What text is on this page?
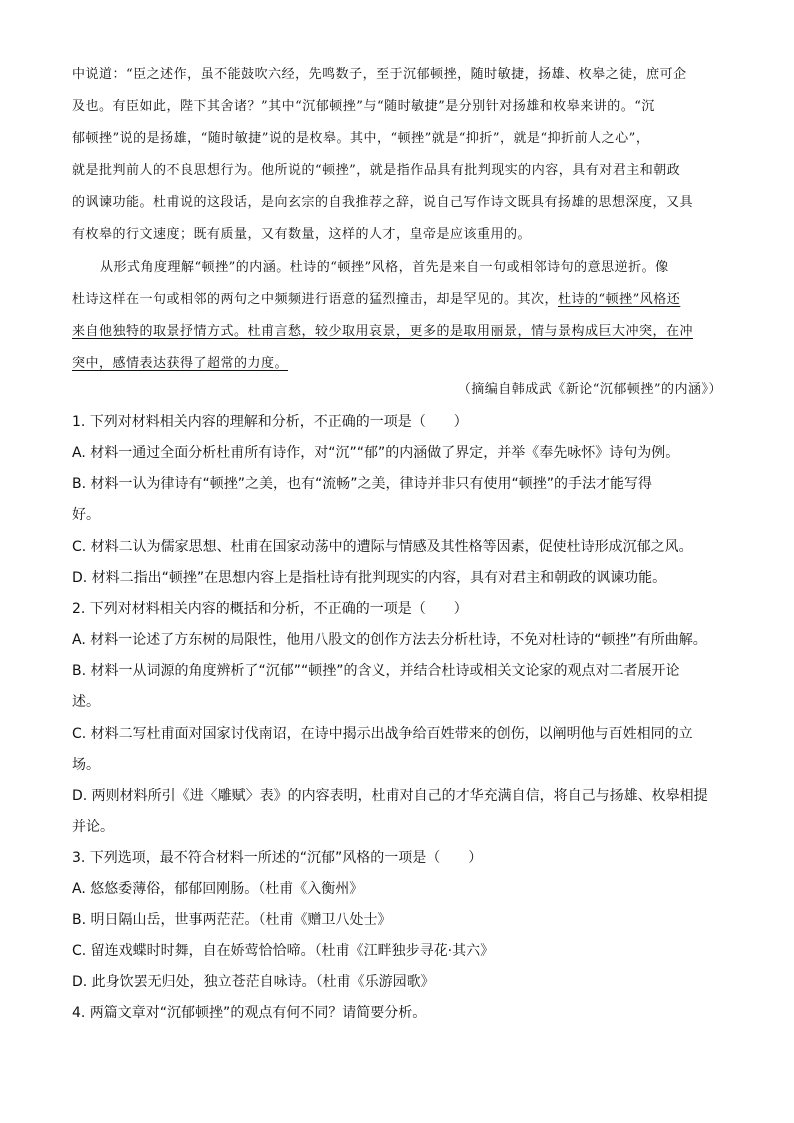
中说道：“臣之述作，虽不能鼓吹六经，先鸣数子，至于沉郁顿挫，随时敏捷，扬雄、枚皋之徒，庶可企
及也。有臣如此，陛下其舍诸？”其中“沉郁顿挫”与“随时敏捷”是分别针对扬雄和枚皋来讲的。“沉
郁顿挫”说的是扬雄，“随时敏捷”说的是枚皋。其中，“顿挫”就是“抑折”，就是“抑折前人之心”，
就是批判前人的不良思想行为。他所说的“顿挫”，就是指作品具有批判现实的内容，具有对君主和朝政
的讽谏功能。杜甫说的这段话，是向玄宗的自我推荐之辞，说自己写作诗文既具有扬雄的思想深度，又具
有枚皋的行文速度；既有质量，又有数量，这样的人才，皇帝是应该重用的。
从形式角度理解“顿挫”的内涵。杜诗的“顿挫”风格，首先是来自一句或相邻诗句的意思逆折。像
杜诗这样在一句或相邻的两句之中频频进行语意的猛烈撞击，却是罕见的。其次，杜诗的“顿挫”风格还
来自他独特的取景抒情方式。杜甫言愁，较少取用哀景，更多的是取用丽景，情与景构成巨大冲突，在冲
突中，感情表达获得了超常的力度。
（摘编自韩成武《新论“沉郁顿挫”的内涵》）
1. 下列对材料相关内容的理解和分析，不正确的一项是（　　）
A. 材料一通过全面分析杜甫所有诗作，对“沉”“郁”的内涵做了界定，并举《奉先咏怀》诗句为例。
B. 材料一认为律诗有“顿挫”之美，也有“流畅”之美，律诗并非只有使用“顿挫”的手法才能写得
好。
C. 材料二认为儒家思想、杜甫在国家动荡中的遭际与情感及其性格等因素，促使杜诗形成沉郁之风。
D. 材料二指出“顿挫”在思想内容上是指杜诗有批判现实的内容，具有对君主和朝政的讽谏功能。
2. 下列对材料相关内容的概括和分析，不正确的一项是（　　）
A. 材料一论述了方东树的局限性，他用八股文的创作方法去分析杜诗，不免对杜诗的“顿挫”有所曲解。
B. 材料一从词源的角度辨析了“沉郁”“顿挫”的含义，并结合杜诗或相关文论家的观点对二者展开论
述。
C. 材料二写杜甫面对国家讨伐南诏，在诗中揭示出战争给百姓带来的创伤，以阐明他与百姓相同的立
场。
D. 两则材料所引《进〈雕赋〉表》的内容表明，杜甫对自己的才华充满自信，将自己与扬雄、枚皋相提
并论。
3. 下列选项，最不符合材料一所述的“沉郁”风格的一项是（　　）
A. 悠悠委薄俗，郁郁回刚肠。（杜甫《入衡州》
B. 明日隔山岳，世事两茫茫。（杜甫《赠卫八处士》
C. 留连戏蝶时时舞，自在娇莺恰恰啼。（杜甫《江畔独步寻花·其六》
D. 此身饮罢无归处，独立苍茫自咏诗。（杜甫《乐游园歌》
4. 两篇文章对“沉郁顿挫”的观点有何不同？请简要分析。
